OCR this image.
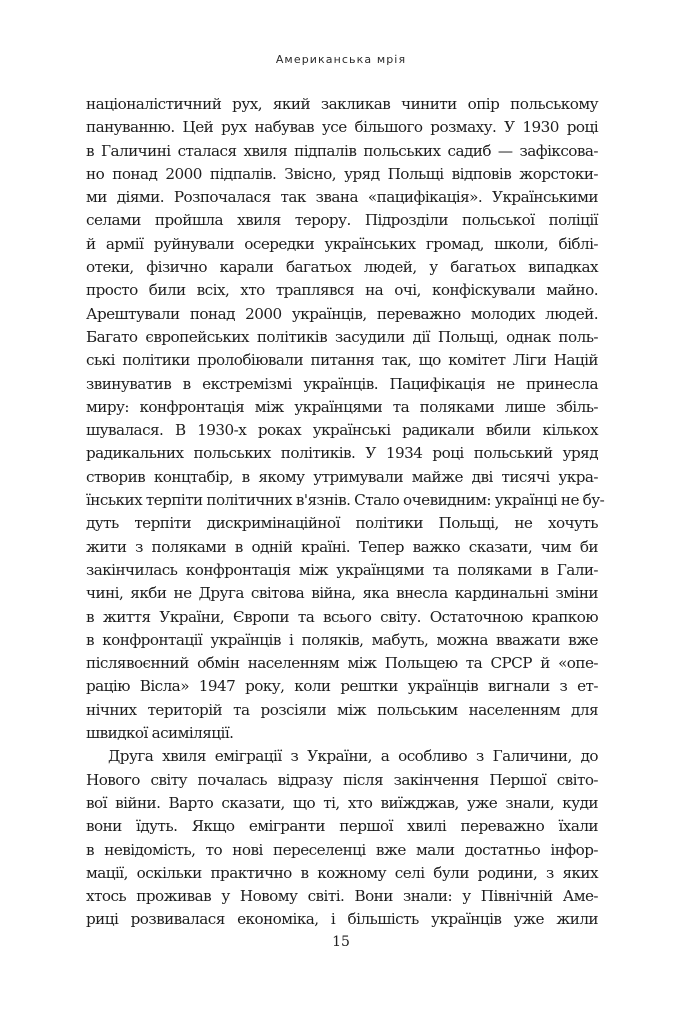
Американська мрія
націоналістичний рух, який закликав чинити опір польському
пануванню. Цей рух набував усе більшого розмаху. У 1930 році
в Галичині сталася хвиля підпалів польських садиб — зафіксова-
но понад 2000 підпалів. Звісно, уряд Польщі відповів жорстоки-
ми діями. Розпочалася так звана «пацифікація». Українськими
селами пройшла хвиля терору. Підрозділи польської поліції
й армії руйнували осередки українських громад, школи, біблі-
отеки, фізично карали багатьох людей, у багатьох випадках
просто били всіх, хто траплявся на очі, конфіскували майно.
Арештували понад 2000 українців, переважно молодих людей.
Багато європейських політиків засудили дії Польщі, однак поль-
ські політики пролобіювали питання так, що комітет Ліги Націй
звинуватив в екстремізмі українців. Пацифікація не принесла
миру: конфронтація між українцями та поляками лише збіль-
шувалася. В 1930-х роках українські радикали вбили кількох
радикальних польських політиків. У 1934 році польський уряд
створив концтабір, в якому утримували майже дві тисячі укра-
їнських терпіти політичних в'язнів. Стало очевидним: українці не бу-
дуть терпіти дискримінаційної політики Польщі, не хочуть
жити з поляками в одній країні. Тепер важко сказати, чим би
закінчилась конфронтація між українцями та поляками в Гали-
чині, якби не Друга світова війна, яка внесла кардинальні зміни
в життя України, Європи та всього світу. Остаточною крапкою
в конфронтації українців і поляків, мабуть, можна вважати вже
післявоєнний обмін населенням між Польщею та СРСР й «опе-
рацію Вісла» 1947 року, коли рештки українців вигнали з ет-
нічних територій та розсіяли між польським населенням для
швидкої асиміляції.
Друга хвиля еміграції з України, а особливо з Галичини, до
Нового світу почалась відразу після закінчення Першої світо-
вої війни. Варто сказати, що ті, хто виїжджав, уже знали, куди
вони їдуть. Якщо емігранти першої хвилі переважно їхали
в невідомість, то нові переселенці вже мали достатньо інфор-
мації, оскільки практично в кожному селі були родини, з яких
хтось проживав у Новому світі. Вони знали: у Північній Аме-
риці розвивалася економіка, і більшість українців уже жили
15
